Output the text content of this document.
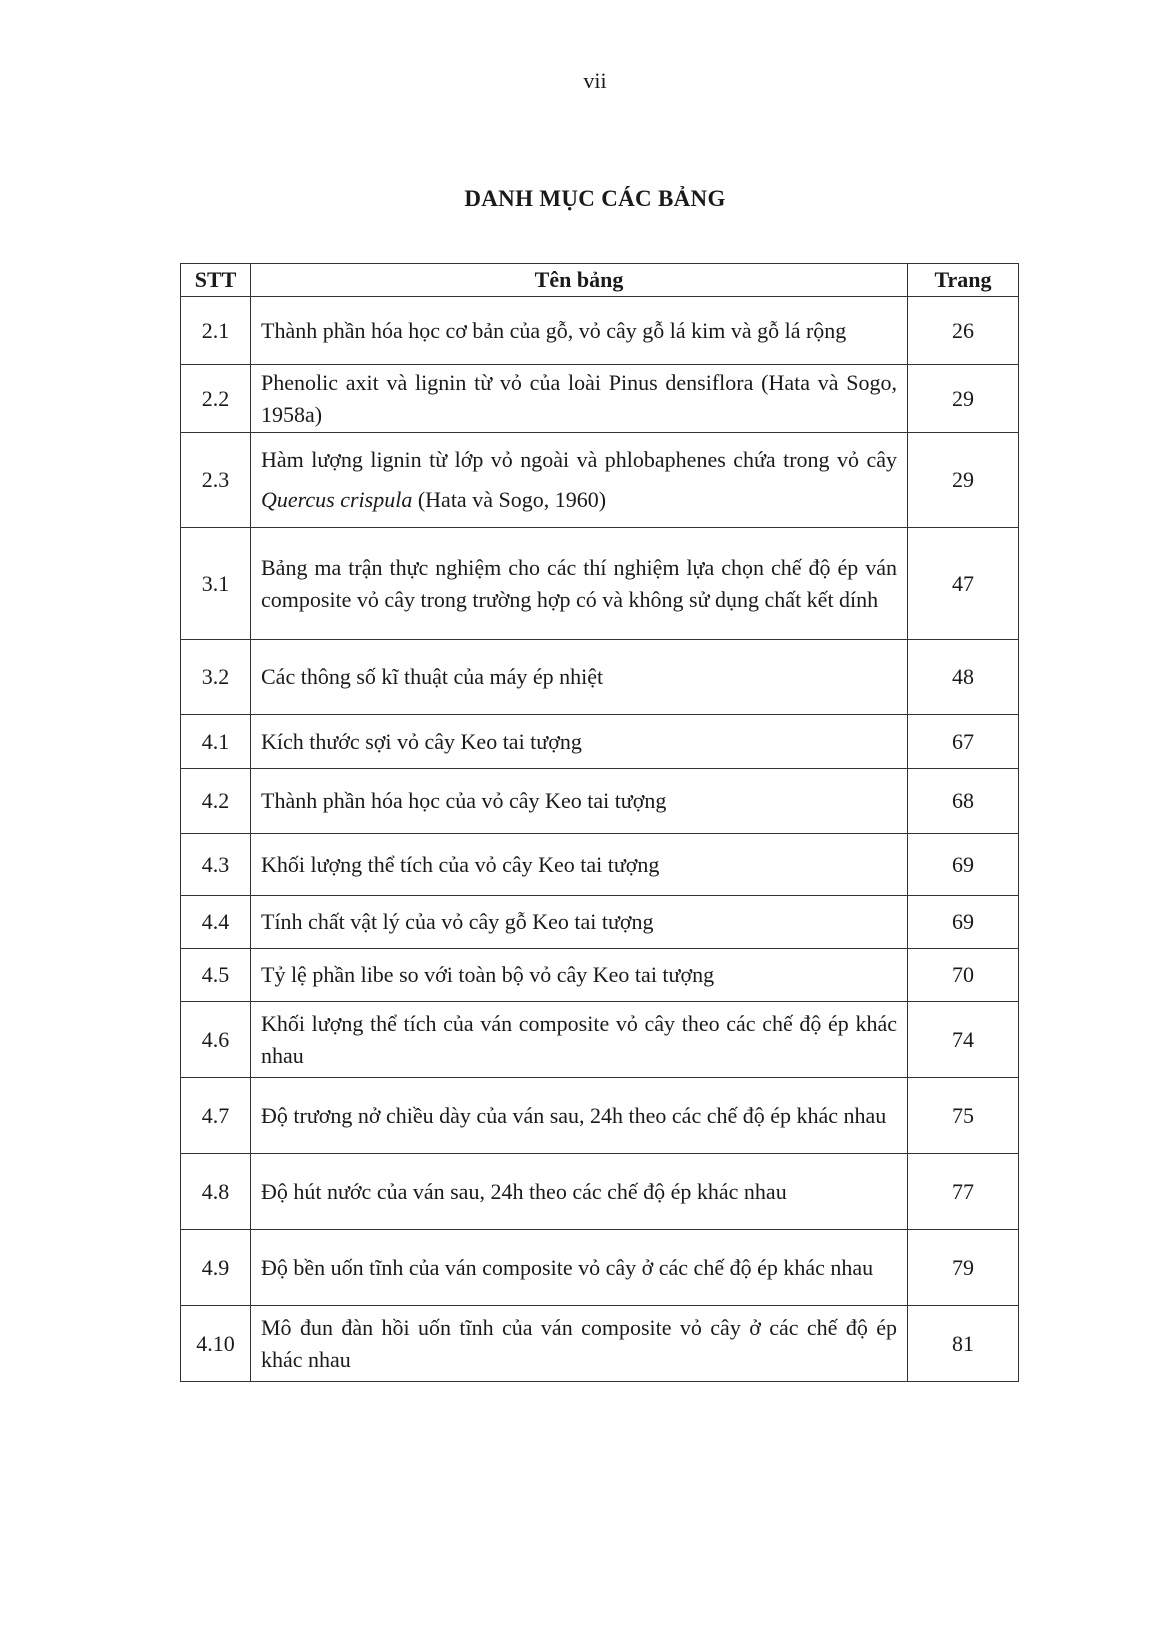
vii
DANH MỤC CÁC BẢNG
STT	Tên bảng	Trang
2.1	Thành phần hóa học cơ bản của gỗ, vỏ cây gỗ lá kim và gỗ lá rộng	26
2.2	Phenolic axit và lignin từ vỏ của loài Pinus densiflora (Hata và Sogo, 1958a)	29
2.3	Hàm lượng lignin từ lớp vỏ ngoài và phlobaphenes chứa trong vỏ cây Quercus crispula (Hata và Sogo, 1960)	29
3.1	Bảng ma trận thực nghiệm cho các thí nghiệm lựa chọn chế độ ép ván composite vỏ cây trong trường hợp có và không sử dụng chất kết dính	47
3.2	Các thông số kĩ thuật của máy ép nhiệt	48
4.1	Kích thước sợi vỏ cây Keo tai tượng	67
4.2	Thành phần hóa học của vỏ cây Keo tai tượng	68
4.3	Khối lượng thể tích của vỏ cây Keo tai tượng	69
4.4	Tính chất vật lý của vỏ cây gỗ Keo tai tượng	69
4.5	Tỷ lệ phần libe so với toàn bộ vỏ cây Keo tai tượng	70
4.6	Khối lượng thể tích của ván composite vỏ cây theo các chế độ ép khác nhau	74
4.7	Độ trương nở chiều dày của ván sau, 24h theo các chế độ ép khác nhau	75
4.8	Độ hút nước của ván sau, 24h theo các chế độ ép khác nhau	77
4.9	Độ bền uốn tĩnh của ván composite vỏ cây ở các chế độ ép khác nhau	79
4.10	Mô đun đàn hồi uốn tĩnh của ván composite vỏ cây ở các chế độ ép khác nhau	81
